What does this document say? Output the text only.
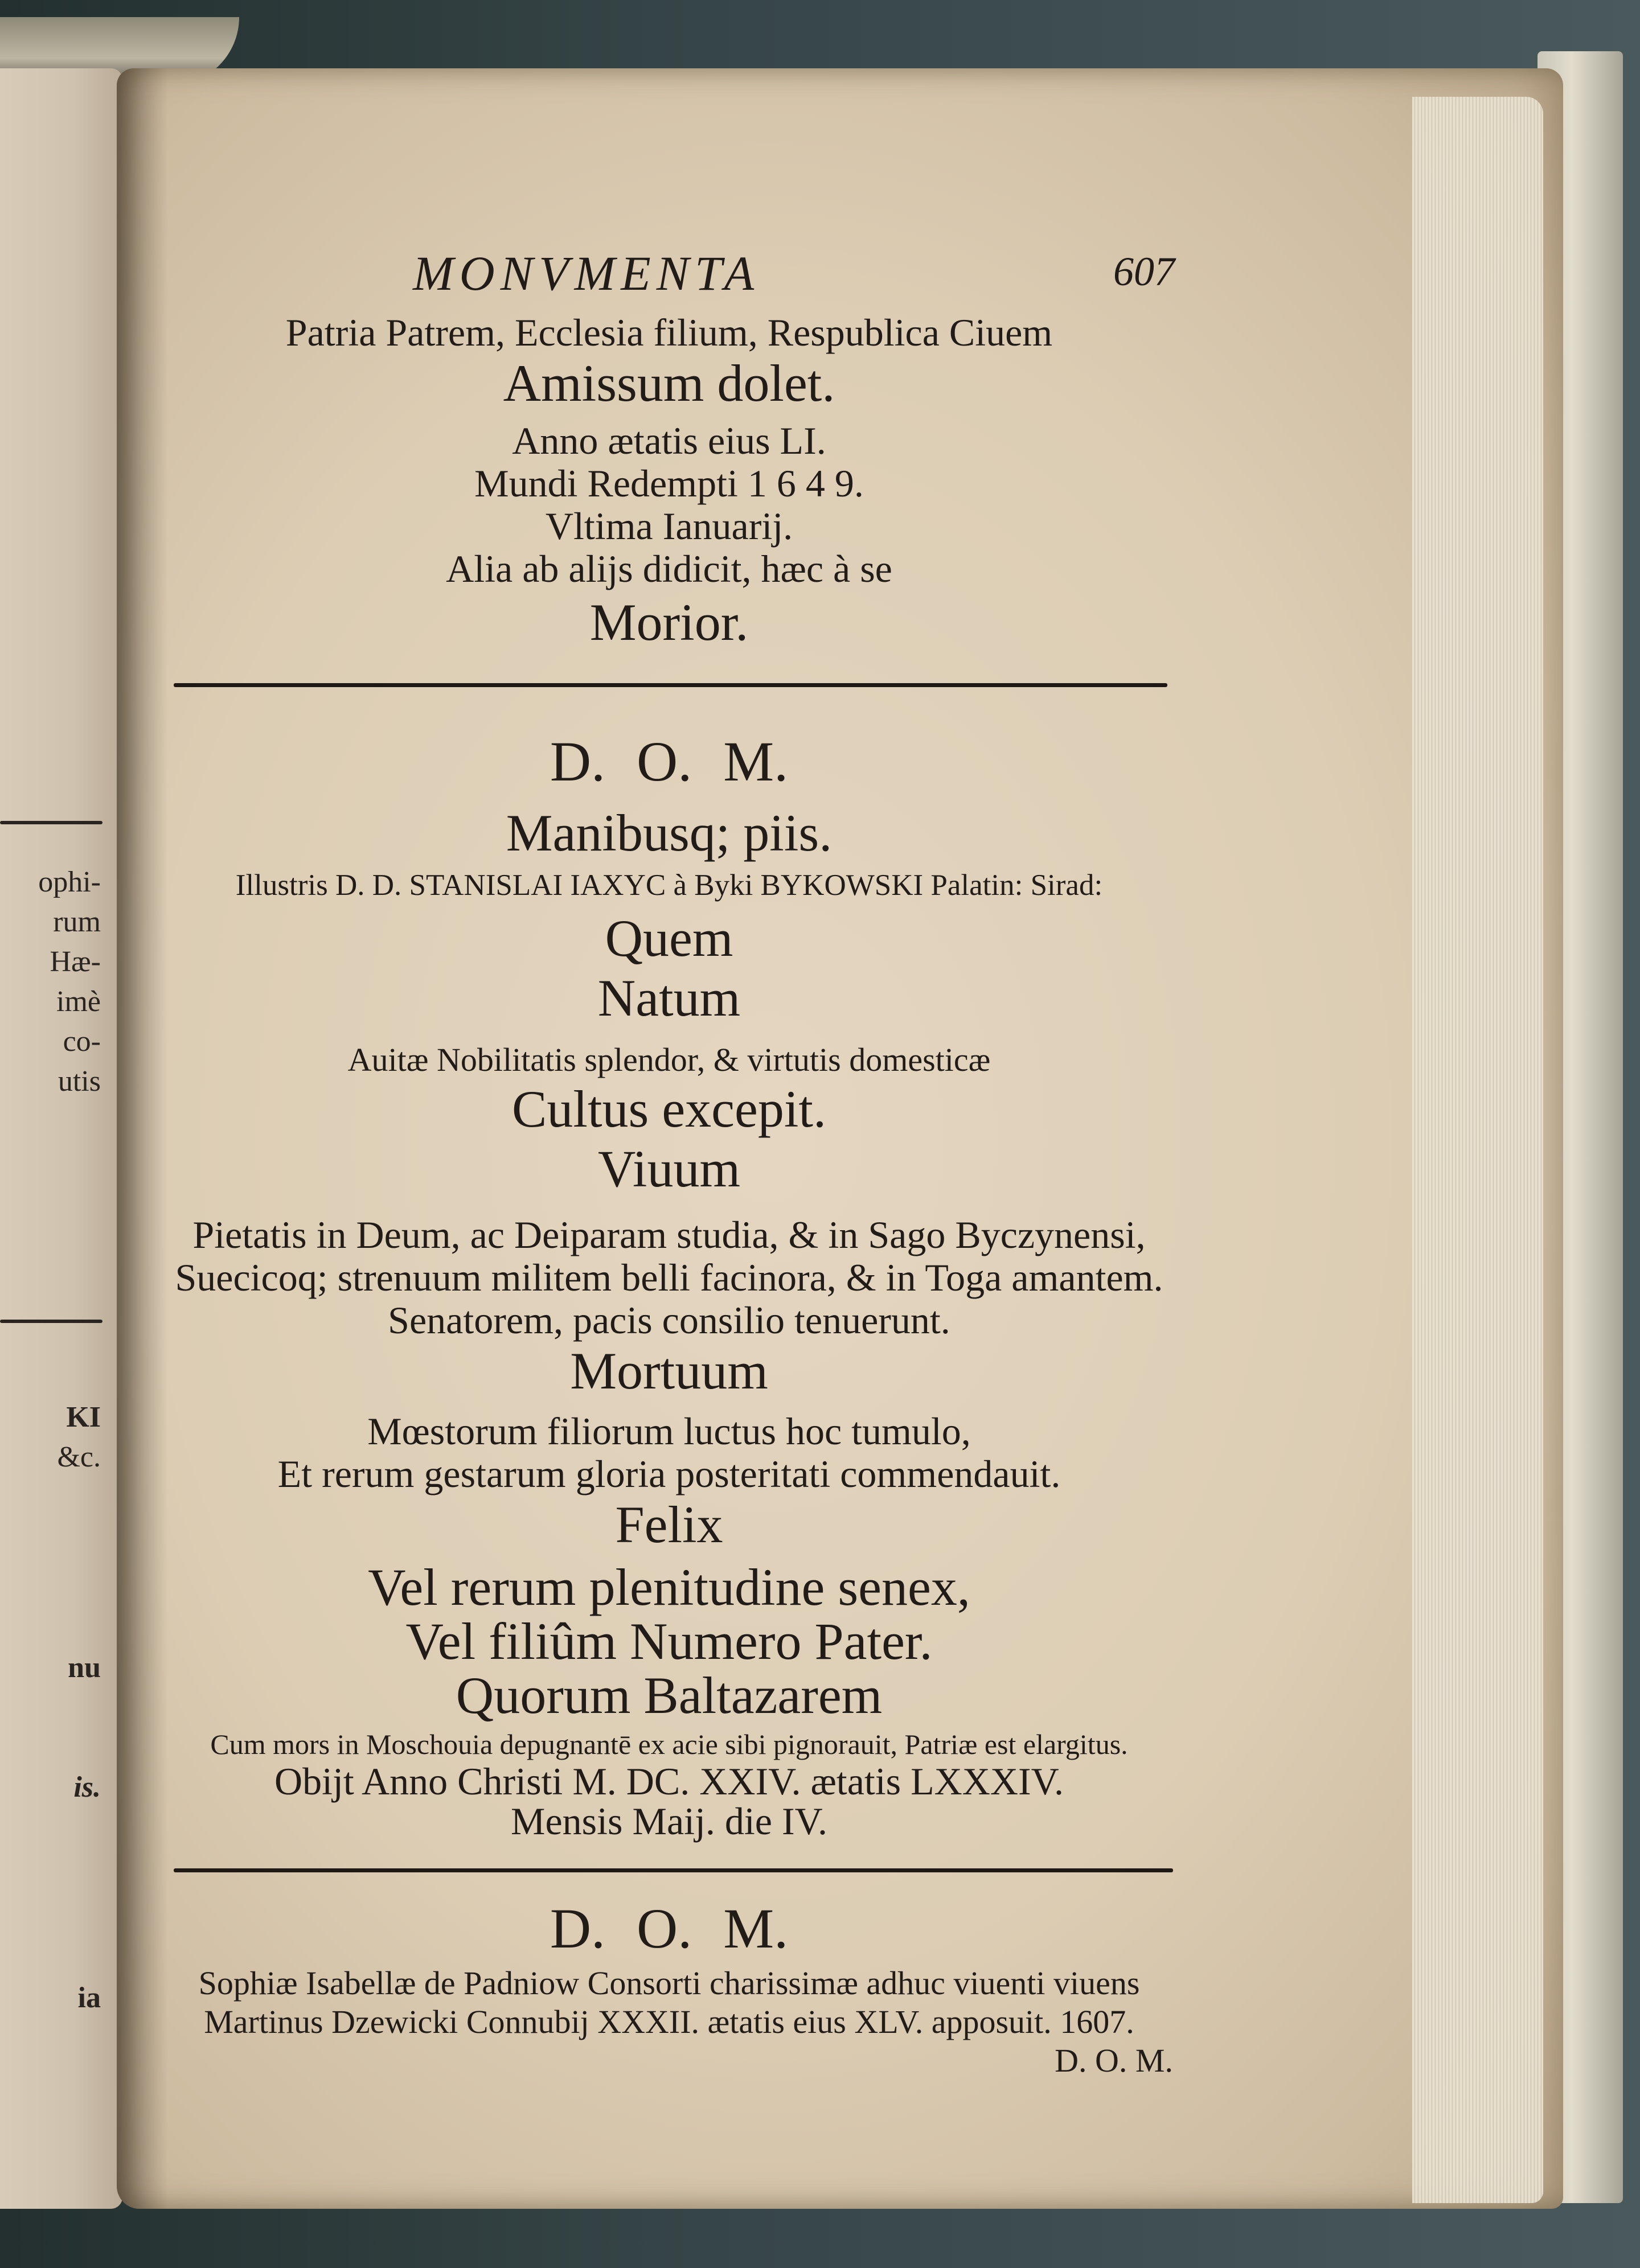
ophi-
rum
Hæ-
imè
co-
utis
KI
&c.
nu
is.
ia
MONVMENTA	607
Patria Patrem, Ecclesia filium, Respublica Ciuem
Amissum dolet.
Anno ætatis eius LI.
Mundi Redempti 1 6 4 9.
Vltima Ianuarij.
Alia ab alijs didicit, hæc à se
Morior.
D. O. M.
Manibusq; piis.
Illustris D. D. STANISLAI IAXYC à Byki BYKOWSKI Palatin: Sirad:
Quem
Natum
Auitæ Nobilitatis splendor, & virtutis domesticæ
Cultus excepit.
Viuum
Pietatis in Deum, ac Deiparam studia, & in Sago Byczynensi,
Suecicoq; strenuum militem belli facinora, & in Toga amantem.
Senatorem, pacis consilio tenuerunt.
Mortuum
Mœstorum filiorum luctus hoc tumulo,
Et rerum gestarum gloria posteritati commendauit.
Felix
Vel rerum plenitudine senex,
Vel filiûm Numero Pater.
Quorum Baltazarem
Cum mors in Moschouia depugnantē ex acie sibi pignorauit, Patriæ est elargitus.
Obijt Anno Christi M. DC. XXIV. ætatis LXXXIV.
Mensis Maij. die IV.
D. O. M.
Sophiæ Isabellæ de Padniow Consorti charissimæ adhuc viuenti viuens
Martinus Dzewicki Connubij XXXII. ætatis eius XLV. apposuit. 1607.
D. O. M.
